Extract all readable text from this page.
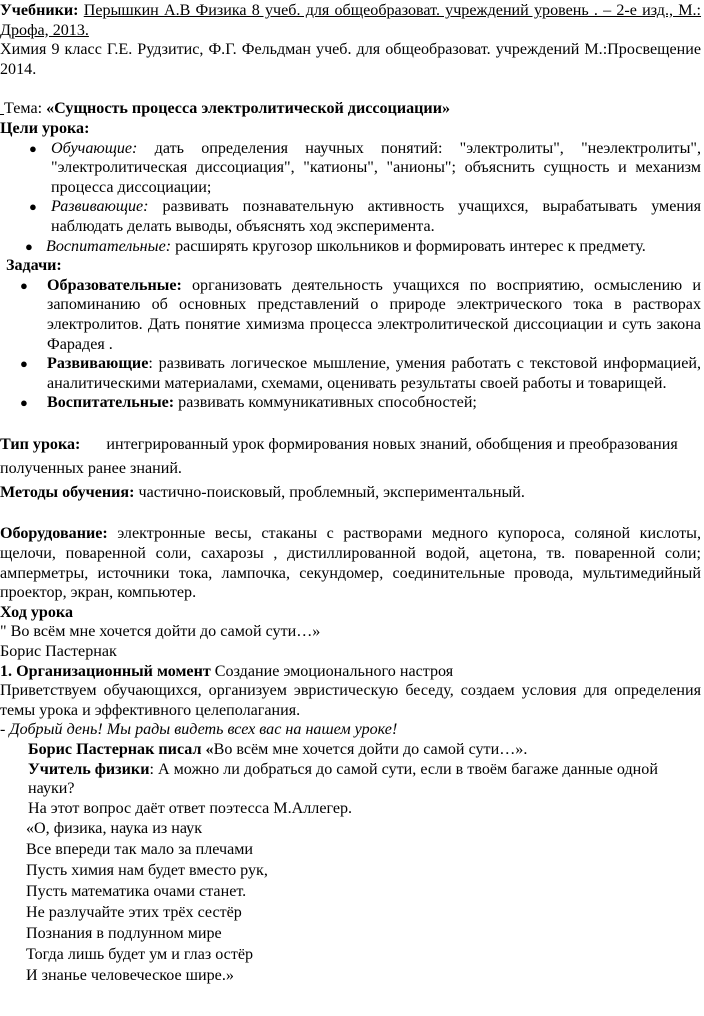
Учебники: Перышкин А.В Физика 8 учеб. для общеобразоват. учреждений уровень . – 2-е изд., М.: Дрофа, 2013.

Химия 9 класс Г.Е. Рудзитис, Ф.Г. Фельдман учеб. для общеобразоват. учреждений М.:Просвещение 2014.

Тема: «Сущность процесса электролитической диссоциации»

Цели урока:

● Обучающие: дать определения научных понятий: "электролиты", "неэлектролиты", "электролитическая диссоциация", "катионы", "анионы"; объяснить сущность и механизм процесса диссоциации;
● Развивающие: развивать познавательную активность учащихся, вырабатывать умения наблюдать делать выводы, объяснять ход эксперимента.
● Воспитательные: расширять кругозор школьников и формировать интерес к предмету.

Задачи:

● Образовательные: организовать деятельность учащихся по восприятию, осмыслению и запоминанию об основных представлений о природе электрического тока в растворах электролитов. Дать понятие химизма процесса электролитической диссоциации и суть закона Фарадея .
● Развивающие: развивать логическое мышление, умения работать с текстовой информацией, аналитическими материалами, схемами, оценивать результаты своей работы и товарищей.
● Воспитательные: развивать коммуникативных способностей;

Тип урока: интегрированный урок формирования новых знаний, обобщения и преобразования полученных ранее знаний.

Методы обучения: частично-поисковый, проблемный, экспериментальный.

Оборудование: электронные весы, стаканы с растворами медного купороса, соляной кислоты, щелочи, поваренной соли, сахарозы , дистиллированной водой, ацетона, тв. поваренной соли; амперметры, источники тока, лампочка, секундомер, соединительные провода, мультимедийный проектор, экран, компьютер.

Ход урока

" Во всём мне хочется дойти до самой сути…»

Борис Пастернак

1. Организационный момент Создание эмоционального настроя

Приветствуем обучающихся, организуем эвристическую беседу, создаем условия для определения темы урока и эффективного целеполагания.

- Добрый день! Мы рады видеть всех вас на нашем уроке!

Борис Пастернак писал «Во всём мне хочется дойти до самой сути…».

Учитель физики: А можно ли добраться до самой сути, если в твоём багаже данные одной науки?

На этот вопрос даёт ответ поэтесса М.Аллегер.

«О, физика, наука из наук

Все впереди так мало за плечами

Пусть химия нам будет вместо рук,

Пусть математика очами станет.

Не разлучайте этих трёх сестёр

Познания в подлунном мире

Тогда лишь будет ум и глаз остёр

И знанье человеческое шире.»
